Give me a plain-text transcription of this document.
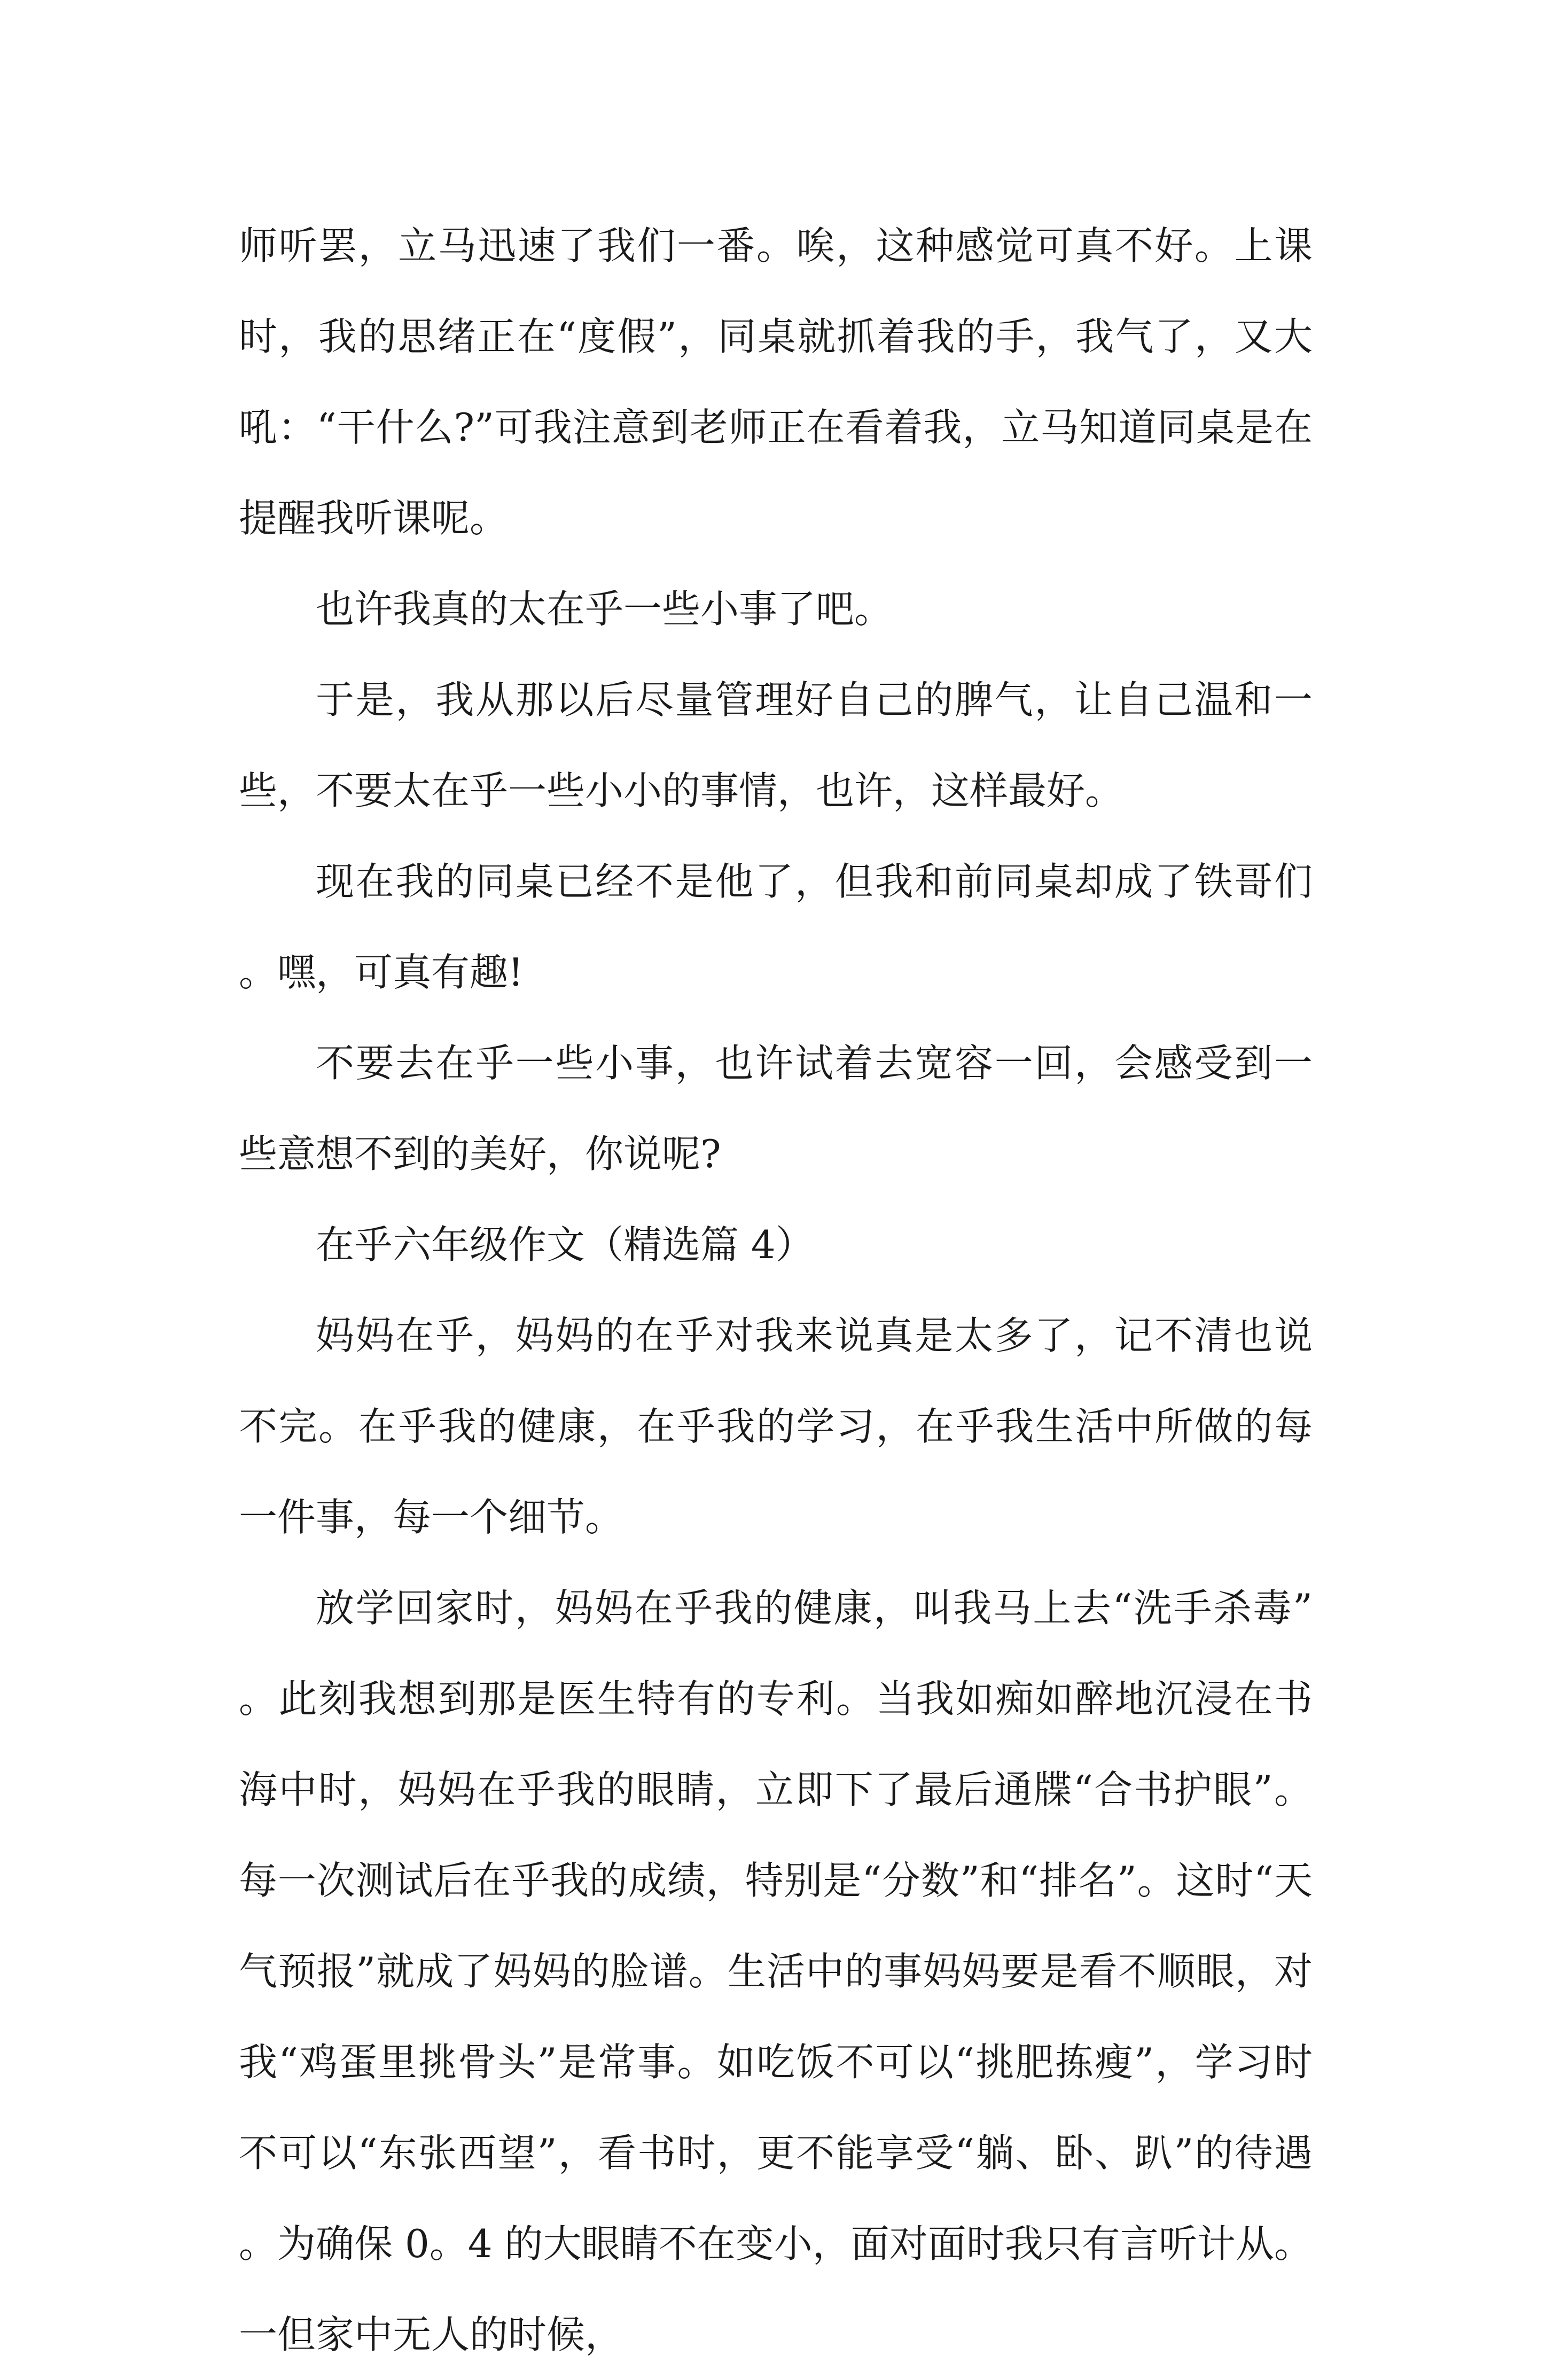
师听罢，立马迅速了我们一番。唉，这种感觉可真不好。上课时，我的思绪正在“度假”，同桌就抓着我的手，我气了，又大吼：“干什么?”可我注意到老师正在看着我，立马知道同桌是在提醒我听课呢。

也许我真的太在乎一些小事了吧。

于是，我从那以后尽量管理好自己的脾气，让自己温和一些，不要太在乎一些小小的事情，也许，这样最好。

现在我的同桌已经不是他了，但我和前同桌却成了铁哥们。嘿，可真有趣!

不要去在乎一些小事，也许试着去宽容一回，会感受到一些意想不到的美好，你说呢?

在乎六年级作文（精选篇 4）

妈妈在乎，妈妈的在乎对我来说真是太多了，记不清也说不完。在乎我的健康，在乎我的学习，在乎我生活中所做的每一件事，每一个细节。

放学回家时，妈妈在乎我的健康，叫我马上去“洗手杀毒”。此刻我想到那是医生特有的专利。当我如痴如醉地沉浸在书海中时，妈妈在乎我的眼睛，立即下了最后通牒“合书护眼”。每一次测试后在乎我的成绩，特别是“分数”和“排名”。这时“天气预报”就成了妈妈的脸谱。生活中的事妈妈要是看不顺眼，对我“鸡蛋里挑骨头”是常事。如吃饭不可以“挑肥拣瘦”，学习时不可以“东张西望”，看书时，更不能享受“躺、卧、趴”的待遇。为确保 0。4 的大眼睛不在变小，面对面时我只有言听计从。一但家中无人的时候，
